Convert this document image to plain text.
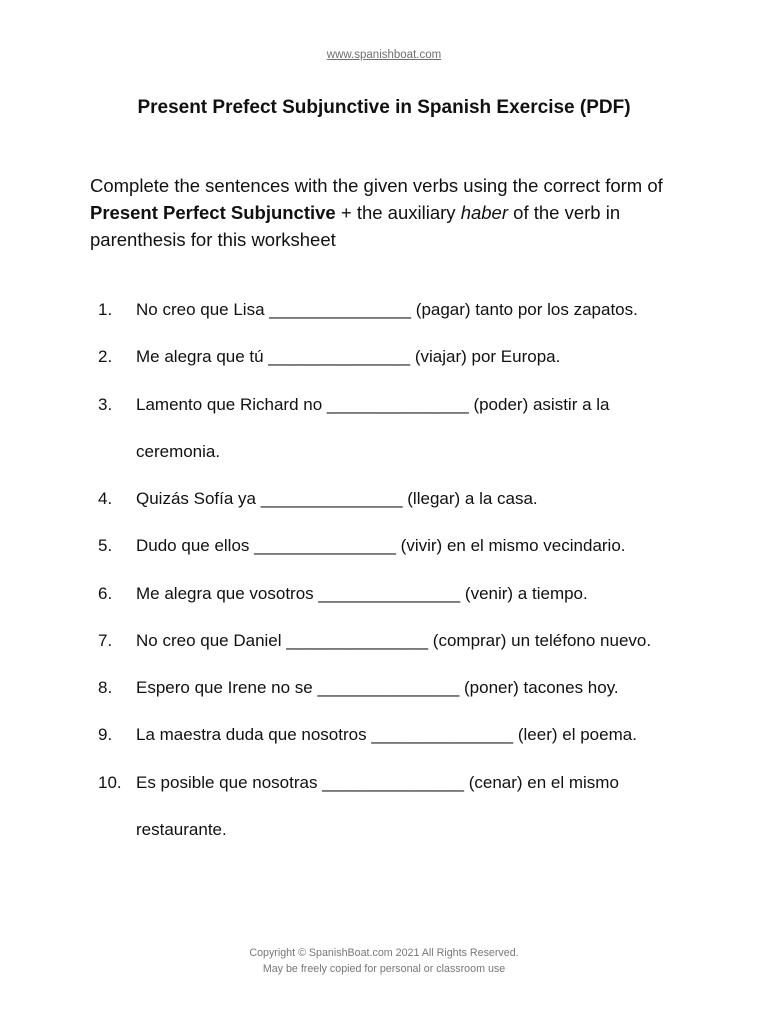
www.spanishboat.com
Present Prefect Subjunctive in Spanish Exercise (PDF)
Complete the sentences with the given verbs using the correct form of
Present Perfect Subjunctive + the auxiliary haber of the verb in
parenthesis for this worksheet

1.

No creo que Lisa _______________ (pagar) tanto por los zapatos.

2.

Me alegra que tú _______________ (viajar) por Europa.

3.

Lamento que Richard no _______________ (poder) asistir a la

ceremonia.

4.

Quizás Sofía ya _______________ (llegar) a la casa.

5.

Dudo que ellos _______________ (vivir) en el mismo vecindario.

6.

Me alegra que vosotros _______________ (venir) a tiempo.

7.

No creo que Daniel _______________ (comprar) un teléfono nuevo.

8.

Espero que Irene no se _______________ (poner) tacones hoy.

9.

La maestra duda que nosotros _______________ (leer) el poema.

10.

Es posible que nosotras _______________ (cenar) en el mismo

restaurante.

Copyright © SpanishBoat.com 2021 All Rights Reserved.
May be freely copied for personal or classroom use
